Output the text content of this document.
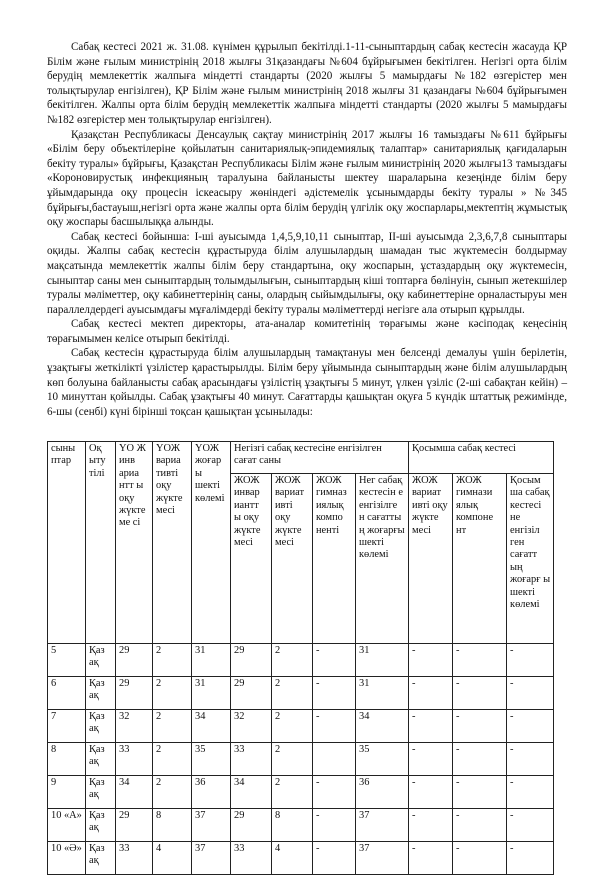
Сабақ кестесі 2021 ж. 31.08. күнімен құрылып бекітілді.1-11-сыныптардың сабақ кестесін жасауда ҚР Білім және ғылым министрінің 2018 жылғы 31қазандағы №604 бұйрығымен бекітілген. Негізгі орта білім берудің мемлекеттік жалпыға міндетті стандарты (2020 жылғы 5 мамырдағы №182 өзгерістер мен толықтырулар енгізілген), ҚР Білім және ғылым министрінің 2018 жылғы 31 қазандағы №604 бұйрығымен бекітілген. Жалпы орта білім берудің мемлекеттік жалпыға міндетті стандарты (2020 жылғы 5 мамырдағы №182 өзгерістер мен толықтырулар енгізілген).

Қазақстан Республикасы Денсаулық сақтау министрінің 2017 жылғы 16 тамыздағы №611 бұйрығы «Білім беру объектілеріне қойылатын санитариялық-эпидемиялық талаптар» санитариялық қағидаларын бекіту туралы» бұйрығы, Қазақстан Республикасы Білім және ғылым министрінің 2020 жылғы13 тамыздағы «Короновирустық инфекцияның таралуына байланысты шектеу шараларына кезеңінде білім беру ұйымдарында оқу процесін іскеасыру жөніндегі әдістемелік ұсынымдарды бекіту туралы » №345 бұйрығы,бастауыш,негізгі орта және жалпы орта білім берудің үлгілік оқу жоспарлары,мектептің жұмыстық оқу жоспары басшылыққа алынды.

Сабақ кестесі бойынша: І-ші ауысымда 1,4,5,9,10,11 сыныптар, ІІ-ші ауысымда 2,3,6,7,8 сыныптары оқиды. Жалпы сабақ кестесін құрастыруда білім алушылардың шамадан тыс жүктемесін болдырмау мақсатында мемлекеттік жалпы білім беру стандартына, оқу жоспарын, ұстаздардың оқу жүктемесін, сыныптар саны мен сыныптардың толымдылығын, сыныптардың кіші топтарға бөлінуін, сынып жетекшілер туралы мәліметтер, оқу кабинеттерінің саны, олардың сыйымдылығы, оқу кабинеттеріне орналастыруы мен параллелдердегі ауысымдағы мұғалімдерді бекіту туралы мәліметтерді негізге ала отырып құрылды.

Сабақ кестесі мектеп директоры, ата-аналар комитетінің төрағымы және кәсіподақ кеңесінің төрағымымен келісе отырып бекітілді.

Сабақ кестесін құрастыруда білім алушылардың тамақтануы мен белсенді демалуы үшін берілетін, ұзақтығы жеткілікті үзілістер қарастырылды. Білім беру ұйымында сыныптардың және білім алушылардың көп болуына байланысты сабақ арасындағы үзілістің ұзақтығы 5 минут, үлкен үзіліс (2-ші сабақтан кейін) – 10 минуттан қойылды. Сабақ ұзақтығы 40 минут. Сағаттарды қашықтан оқуға 5 күндік штаттық режимінде, 6-шы (сенбі) күні бірінші тоқсан қашықтан ұсынылады:

сыны птар	Оқ ыту тілі	ҮО Ж инв ариа нтт ы оқу жүкте ме сі	ҮОЖ вариа тивті оқу жүкте месі	ҮОЖ жоғар ы шекті көлемі	Негізгі сабақ кестесіне енгізілген сағат саны				Қосымша сабақ кестесі		
					ЖОЖ инвар иантт ы оқу жүкте месі	ЖОЖ вариат ивті оқу жүкте месі	ЖОЖ гимназ иялық компо ненті	Нег сабақ кестесін е енгізілге н сағатты ң жоғарғы шекті көлемі	ЖОЖ вариат ивті оқу жүкте месі	ЖОЖ гимнази ялық компоне нт	Қосым ша сабақ кестесі не енгізіл ген сағатт ың жоғарғ ы шекті көлемі
5	Қаз ақ	29	2	31	29	2	-	31	-	-	-
6	Қаз ақ	29	2	31	29	2	-	31	-	-	-
7	Қаз ақ	32	2	34	32	2	-	34	-	-	-
8	Қаз ақ	33	2	35	33	2		35	-	-	-
9	Қаз ақ	34	2	36	34	2	-	36	-	-	-
10 «А»	Қаз ақ	29	8	37	29	8	-	37	-	-	-
10 «Ә»	Қаз ақ	33	4	37	33	4	-	37	-	-	-
